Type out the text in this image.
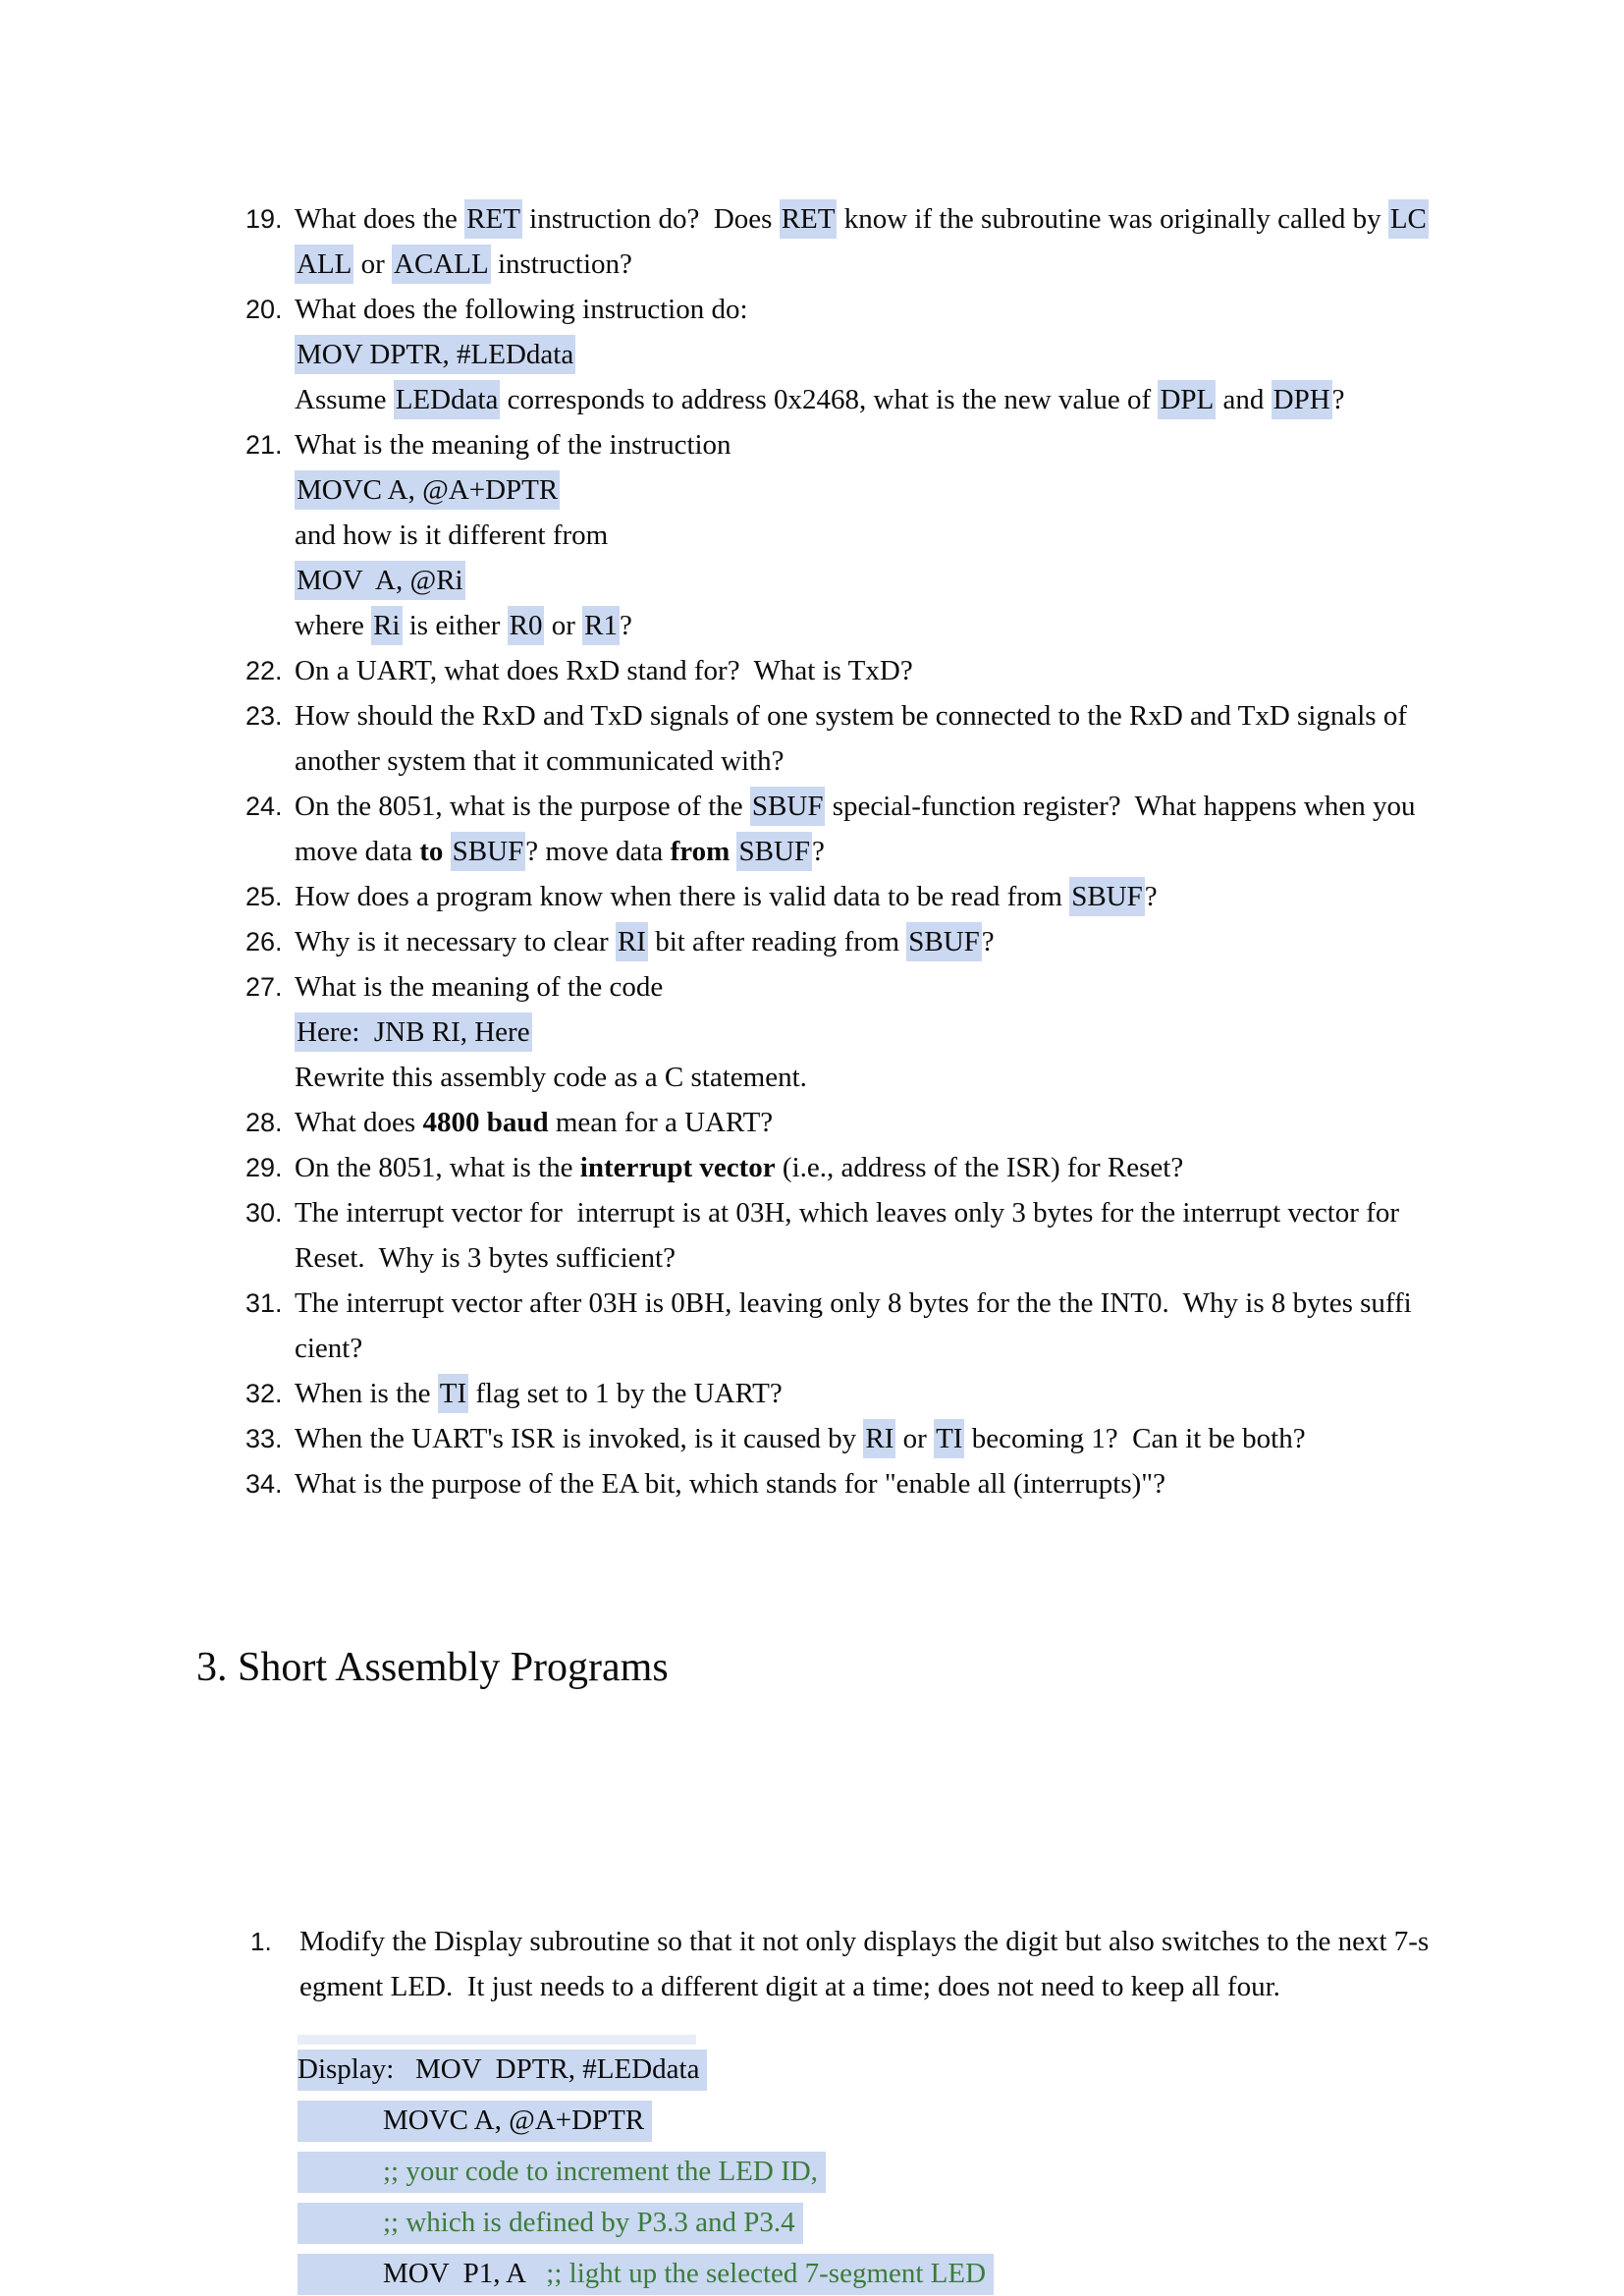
19. What does the RET instruction do?  Does RET know if the subroutine was originally called by LC
ALL or ACALL instruction?
20. What does the following instruction do:
MOV DPTR, #LEDdata
Assume LEDdata corresponds to address 0x2468, what is the new value of DPL and DPH?
21. What is the meaning of the instruction
MOVC A, @A+DPTR
and how is it different from
MOV  A, @Ri
where Ri is either R0 or R1?
22. On a UART, what does RxD stand for?  What is TxD?
23. How should the RxD and TxD signals of one system be connected to the RxD and TxD signals of
another system that it communicated with?
24. On the 8051, what is the purpose of the SBUF special-function register?  What happens when you
move data to SBUF? move data from SBUF?
25. How does a program know when there is valid data to be read from SBUF?
26. Why is it necessary to clear RI bit after reading from SBUF?
27. What is the meaning of the code
Here:  JNB RI, Here
Rewrite this assembly code as a C statement.
28. What does 4800 baud mean for a UART?
29. On the 8051, what is the interrupt vector (i.e., address of the ISR) for Reset?
30. The interrupt vector for  interrupt is at 03H, which leaves only 3 bytes for the interrupt vector for
Reset.  Why is 3 bytes sufficient?
31. The interrupt vector after 03H is 0BH, leaving only 8 bytes for the the INT0.  Why is 8 bytes suffi
cient?
32. When is the TI flag set to 1 by the UART?
33. When the UART's ISR is invoked, is it caused by RI or TI becoming 1?  Can it be both?
34. What is the purpose of the EA bit, which stands for "enable all (interrupts)"?
3. Short Assembly Programs
1. Modify the Display subroutine so that it not only displays the digit but also switches to the next 7-s
egment LED.  It just needs to a different digit at a time; does not need to keep all four.
Display:   MOV  DPTR, #LEDdata
MOVC A, @A+DPTR
;; your code to increment the LED ID,
;; which is defined by P3.3 and P3.4
MOV  P1, A   ;; light up the selected 7-segment LED
